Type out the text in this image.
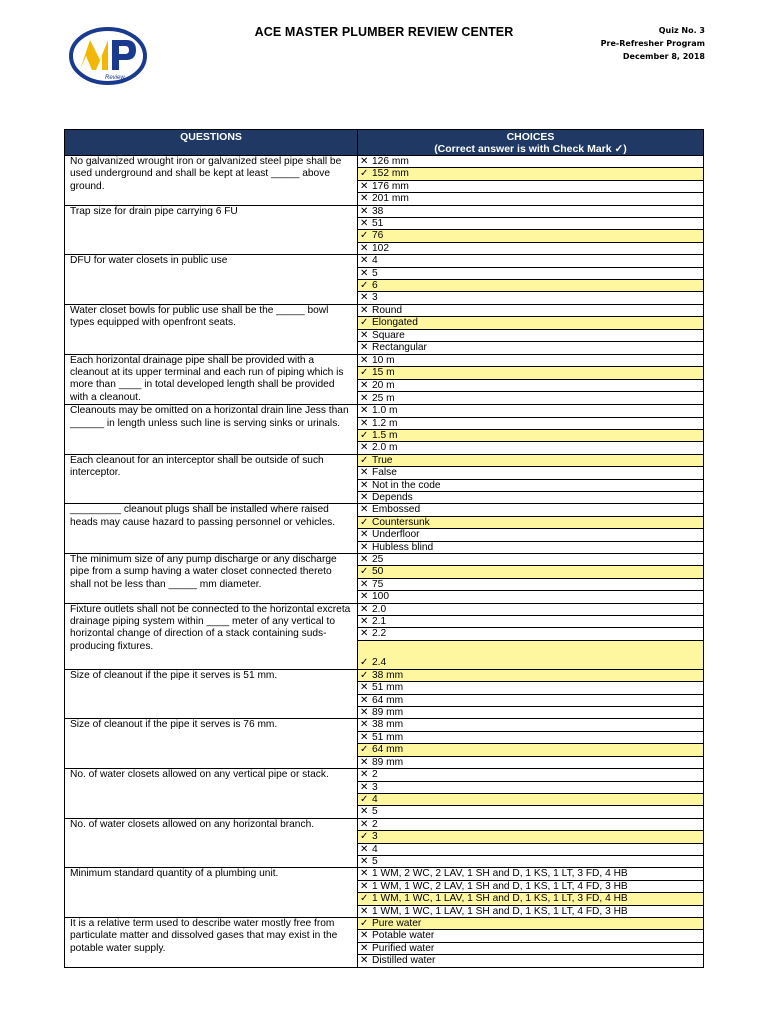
Review
ACE MASTER PLUMBER REVIEW CENTER	Quiz No. 3
Pre-Refresher Program
December 8, 2018
QUESTIONS	CHOICES
(Correct answer is with Check Mark ✓)

No galvanized wrought iron or galvanized steel pipe shall be used underground and shall be kept at least _____ above ground.	✕ 126 mm
	✓ 152 mm
	✕ 176 mm
	✕ 201 mm
Trap size for drain pipe carrying 6 FU	✕ 38
	✕ 51
	✓ 76
	✕ 102
DFU for water closets in public use	✕ 4
	✕ 5
	✓ 6
	✕ 3
Water closet bowls for public use shall be the _____ bowl types equipped with openfront seats.	✕ Round
	✓ Elongated
	✕ Square
	✕ Rectangular
Each horizontal drainage pipe shall be provided with a cleanout at its upper terminal and each run of piping which is more than ____ in total developed length shall be provided with a cleanout.	✕ 10 m
	✓ 15 m
	✕ 20 m
	✕ 25 m
Cleanouts may be omitted on a horizontal drain line Jess than ______ in length unless such line is serving sinks or urinals.	✕ 1.0 m
	✕ 1.2 m
	✓ 1.5 m
	✕ 2.0 m
Each cleanout for an interceptor shall be outside of such interceptor.	✓ True
	✕ False
	✕ Not in the code
	✕ Depends
_________ cleanout plugs shall be installed where raised heads may cause hazard to passing personnel or vehicles.	✕ Embossed
	✓ Countersunk
	✕ Underfloor
	✕ Hubless blind
The minimum size of any pump discharge or any discharge pipe from a sump having a water closet connected thereto shall not be less than _____ mm diameter.	✕ 25
	✓ 50
	✕ 75
	✕ 100
Fixture outlets shall not be connected to the horizontal excreta drainage piping system within ____ meter of any vertical to horizontal change of direction of a stack containing suds-producing fixtures.	✕ 2.0
	✕ 2.1
	✕ 2.2
	✓ 2.4
Size of cleanout if the pipe it serves is 51 mm.	✓ 38 mm
	✕ 51 mm
	✕ 64 mm
	✕ 89 mm
Size of cleanout if the pipe it serves is 76 mm.	✕ 38 mm
	✕ 51 mm
	✓ 64 mm
	✕ 89 mm
No. of water closets allowed on any vertical pipe or stack.	✕ 2
	✕ 3
	✓ 4
	✕ 5
No. of water closets allowed on any horizontal branch.	✕ 2
	✓ 3
	✕ 4
	✕ 5
Minimum standard quantity of a plumbing unit.	✕ 1 WM, 2 WC, 2 LAV, 1 SH and D, 1 KS, 1 LT, 3 FD, 4 HB
	✕ 1 WM, 1 WC, 2 LAV, 1 SH and D, 1 KS, 1 LT, 4 FD, 3 HB
	✓ 1 WM, 1 WC, 1 LAV, 1 SH and D, 1 KS, 1 LT, 3 FD, 4 HB
	✕ 1 WM, 1 WC, 1 LAV, 1 SH and D, 1 KS, 1 LT, 4 FD, 3 HB
It is a relative term used to describe water mostly free from particulate matter and dissolved gases that may exist in the potable water supply.	✓ Pure water
	✕ Potable water
	✕ Purified water
	✕ Distilled water
